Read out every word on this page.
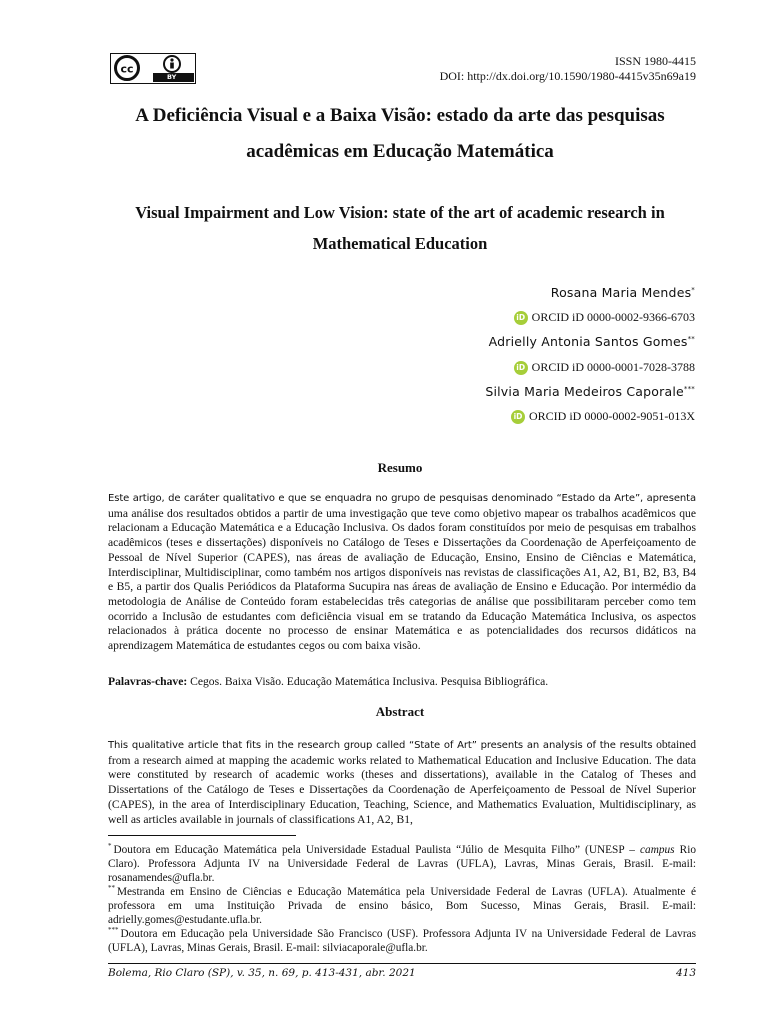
cc
BY
ISSN 1980-4415
DOI: http://dx.doi.org/10.1590/1980-4415v35n69a19
A Deficiência Visual e a Baixa Visão: estado da arte das pesquisas
acadêmicas em Educação Matemática
Visual Impairment and Low Vision: state of the art of academic research in
Mathematical Education
Rosana Maria Mendes*
iD ORCID iD 0000-0002-9366-6703
Adrielly Antonia Santos Gomes**
iD ORCID iD 0000-0001-7028-3788
Silvia Maria Medeiros Caporale***
iD ORCID iD 0000-0002-9051-013X
Resumo
Este artigo, de caráter qualitativo e que se enquadra no grupo de pesquisas denominado “Estado da Arte”, apresenta uma análise dos resultados obtidos a partir de uma investigação que teve como objetivo mapear os trabalhos acadêmicos que relacionam a Educação Matemática e a Educação Inclusiva. Os dados foram constituídos por meio de pesquisas em trabalhos acadêmicos (teses e dissertações) disponíveis no Catálogo de Teses e Dissertações da Coordenação de Aperfeiçoamento de Pessoal de Nível Superior (CAPES), nas áreas de avaliação de Educação, Ensino, Ensino de Ciências e Matemática, Interdisciplinar, Multidisciplinar, como também nos artigos disponíveis nas revistas de classificações A1, A2, B1, B2, B3, B4 e B5, a partir dos Qualis Periódicos da Plataforma Sucupira nas áreas de avaliação de Ensino e Educação. Por intermédio da metodologia de Análise de Conteúdo foram estabelecidas três categorias de análise que possibilitaram perceber como tem ocorrido a Inclusão de estudantes com deficiência visual em se tratando da Educação Matemática Inclusiva, os aspectos relacionados à prática docente no processo de ensinar Matemática e as potencialidades dos recursos didáticos na aprendizagem Matemática de estudantes cegos ou com baixa visão.
Palavras-chave: Cegos. Baixa Visão. Educação Matemática Inclusiva. Pesquisa Bibliográfica.
Abstract
This qualitative article that fits in the research group called “State of Art” presents an analysis of the results obtained from a research aimed at mapping the academic works related to Mathematical Education and Inclusive Education. The data were constituted by research of academic works (theses and dissertations), available in the Catalog of Theses and Dissertations of the Catálogo de Teses e Dissertações da Coordenação de Aperfeiçoamento de Pessoal de Nível Superior (CAPES), in the area of Interdisciplinary Education, Teaching, Science, and Mathematics Evaluation, Multidisciplinary, as well as articles available in journals of classifications A1, A2, B1,
* Doutora em Educação Matemática pela Universidade Estadual Paulista “Júlio de Mesquita Filho” (UNESP – campus Rio Claro). Professora Adjunta IV na Universidade Federal de Lavras (UFLA), Lavras, Minas Gerais, Brasil. E-mail: rosanamendes@ufla.br.
** Mestranda em Ensino de Ciências e Educação Matemática pela Universidade Federal de Lavras (UFLA). Atualmente é professora em uma Instituição Privada de ensino básico, Bom Sucesso, Minas Gerais, Brasil. E-mail: adrielly.gomes@estudante.ufla.br.
*** Doutora em Educação pela Universidade São Francisco (USF). Professora Adjunta IV na Universidade Federal de Lavras (UFLA), Lavras, Minas Gerais, Brasil. E-mail: silviacaporale@ufla.br.
Bolema, Rio Claro (SP), v. 35, n. 69, p. 413-431, abr. 2021	413
